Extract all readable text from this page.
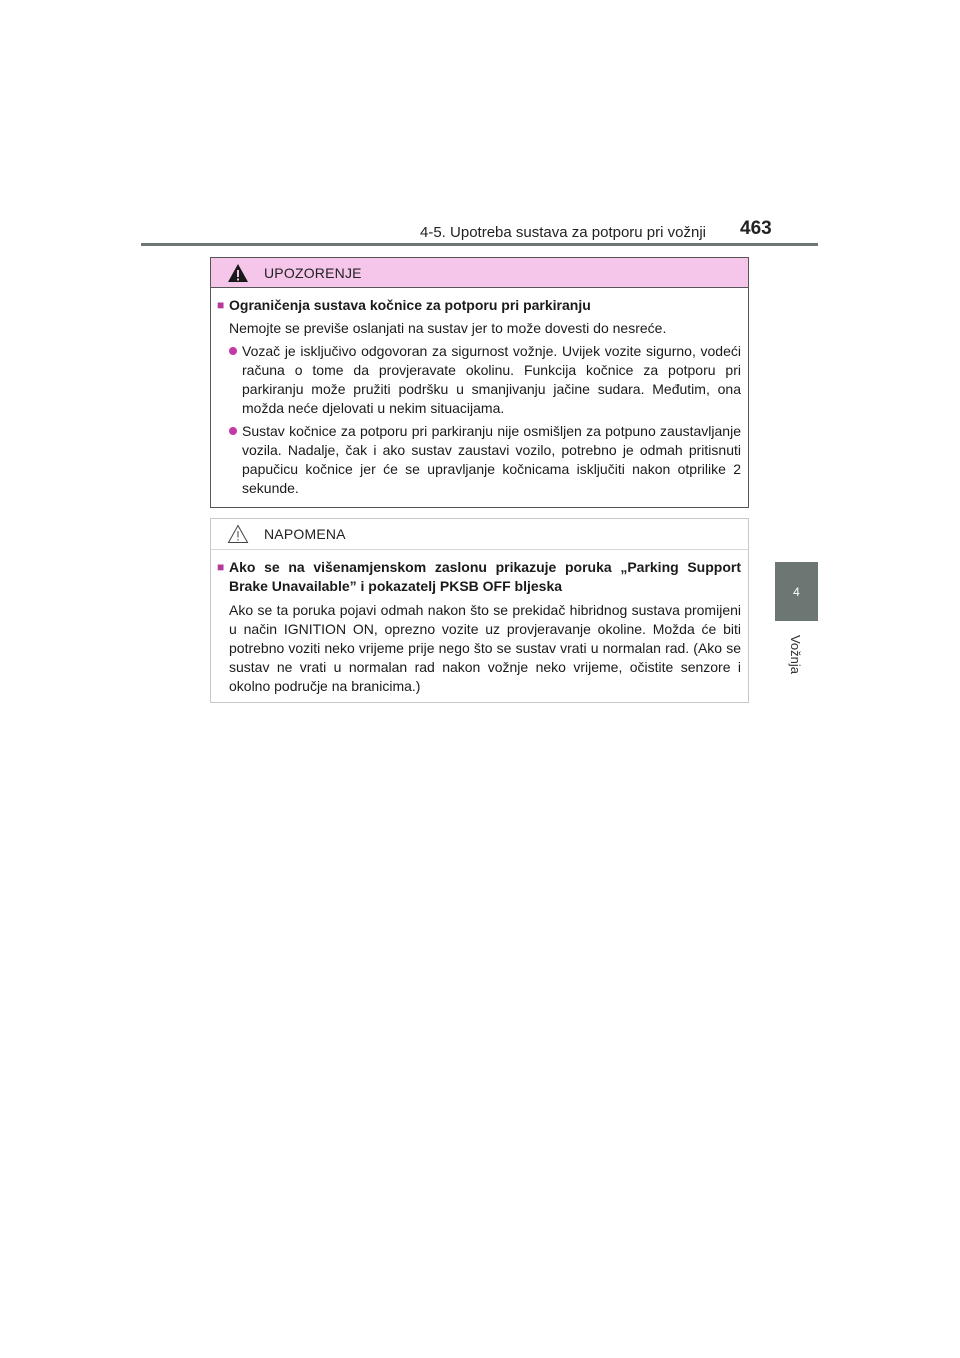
4-5. Upotreba sustava za potporu pri vožnji 463
4
Vožnja
UPOZORENJE
■ Ograničenja sustava kočnice za potporu pri parkiranju
Nemojte se previše oslanjati na sustav jer to može dovesti do nesreće.
Vozač je isključivo odgovoran za sigurnost vožnje. Uvijek vozite sigurno, vodeći računa o tome da provjeravate okolinu. Funkcija kočnice za potporu pri parkiranju može pružiti podršku u smanjivanju jačine sudara. Međutim, ona možda neće djelovati u nekim situacijama.
Sustav kočnice za potporu pri parkiranju nije osmišljen za potpuno zaustavljanje vozila. Nadalje, čak i ako sustav zaustavi vozilo, potrebno je odmah pritisnuti papučicu kočnice jer će se upravljanje kočnicama isključiti nakon otprilike 2 sekunde.
NAPOMENA
■ Ako se na višenamjenskom zaslonu prikazuje poruka „Parking Support Brake Unavailable” i pokazatelj PKSB OFF bljeska
Ako se ta poruka pojavi odmah nakon što se prekidač hibridnog sustava promijeni u način IGNITION ON, oprezno vozite uz provjeravanje okoline. Možda će biti potrebno voziti neko vrijeme prije nego što se sustav vrati u normalan rad. (Ako se sustav ne vrati u normalan rad nakon vožnje neko vrijeme, očistite senzore i okolno područje na branicima.)
